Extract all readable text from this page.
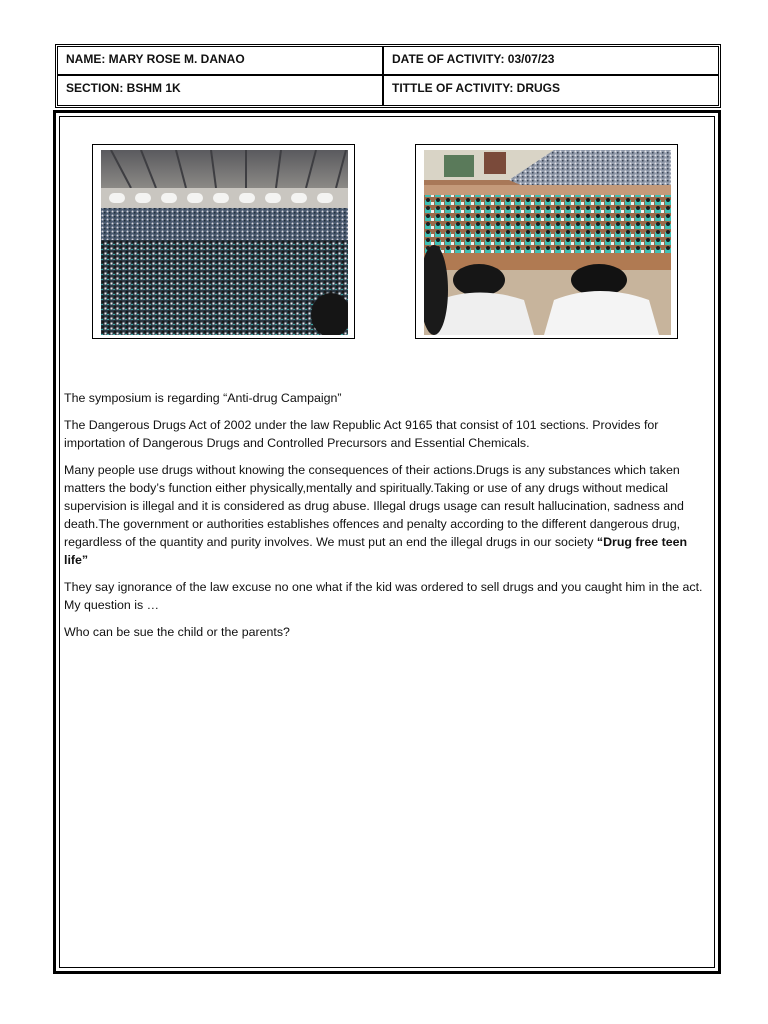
NAME: MARY ROSE M. DANAO	DATE OF ACTIVITY: 03/07/23
SECTION: BSHM 1K	TITTLE OF ACTIVITY: DRUGS

The symposium is regarding “Anti-drug Campaign”

The Dangerous Drugs Act of 2002 under the law Republic Act 9165 that consist of 101 sections. Provides for importation of Dangerous Drugs and Controlled Precursors and Essential Chemicals.

Many people use drugs without knowing the consequences of their actions.Drugs is any substances which taken matters the body’s function either physically,mentally and spiritually.Taking or use of any drugs without medical supervision is illegal and it is considered as drug abuse. Illegal drugs usage can result hallucination, sadness and death.The government or authorities establishes offences and penalty according to the different dangerous drug, regardless of the quantity and purity involves. We must put an end the illegal drugs in our society “Drug free teen life”

They say ignorance of the law excuse no one what if the kid was ordered to sell drugs and you caught him in the act. My question is …

Who can be sue the child or the parents?
